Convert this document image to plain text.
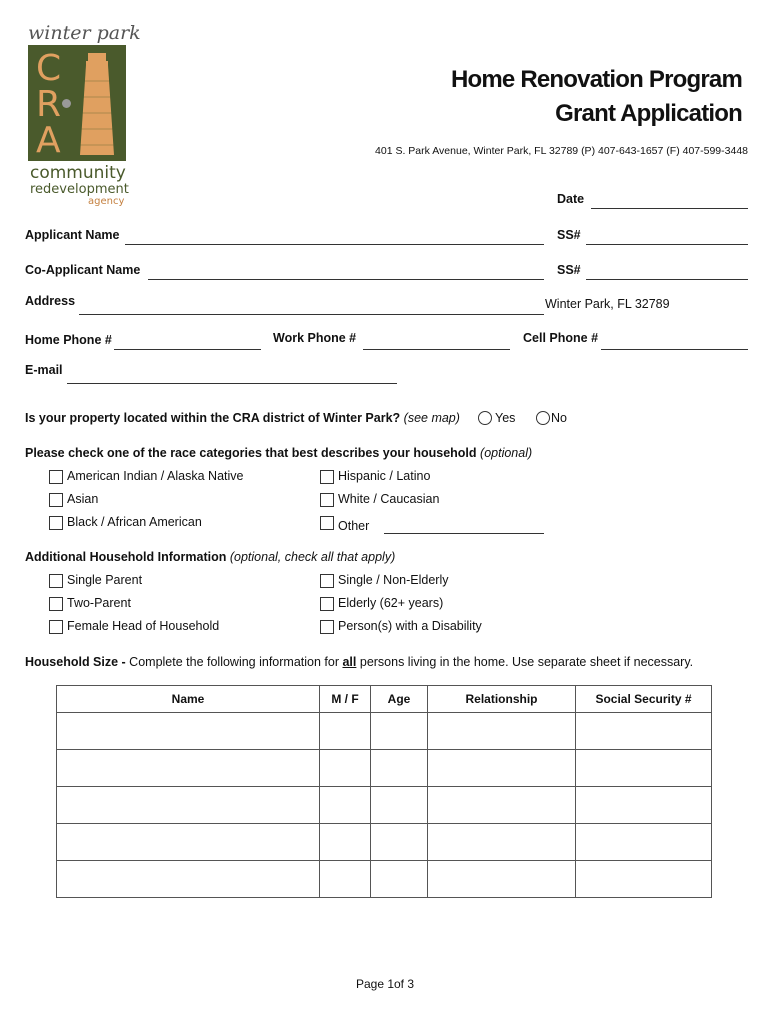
winter park
C
R
A
community
redevelopment
agency
Home Renovation Program
Grant Application
401 S. Park Avenue, Winter Park, FL 32789 (P) 407-643-1657 (F) 407-599-3448
Date
Applicant Name	SS#
Co-Applicant Name	SS#
Address	Winter Park, FL 32789
Home Phone #	Work Phone #	Cell Phone #
E-mail
Is your property located within the CRA district of Winter Park? (see map)	Yes	No
Please check one of the race categories that best describes your household (optional)
American Indian / Alaska Native
Asian
Black / African American
Hispanic / Latino
White / Caucasian
Other
Additional Household Information (optional, check all that apply)
Single Parent
Two-Parent
Female Head of Household
Single / Non-Elderly
Elderly (62+ years)
Person(s) with a Disability
Household Size - Complete the following information for all persons living in the home. Use separate sheet if necessary.
Name	M / F	Age	Relationship	Social Security #

Page 1of 3
